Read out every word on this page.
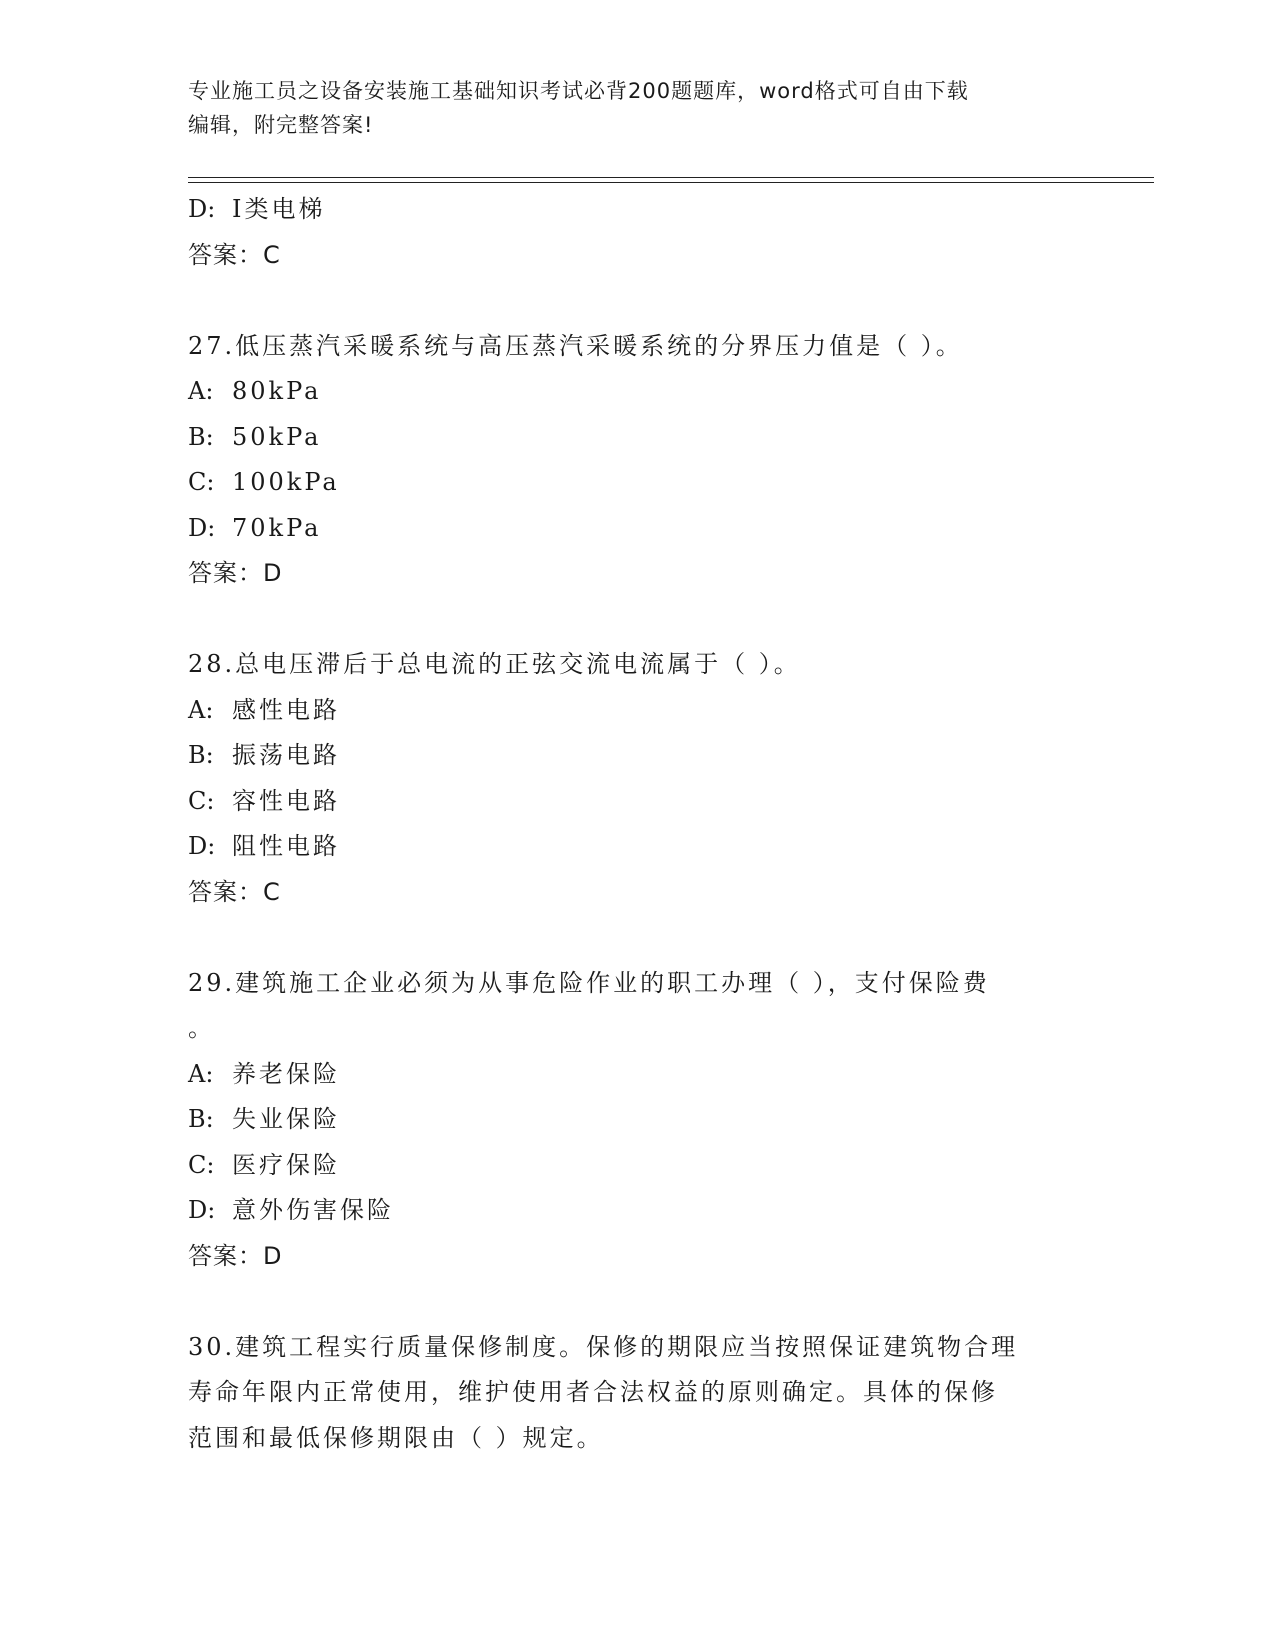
专业施工员之设备安装施工基础知识考试必背200题题库，word格式可自由下载
编辑，附完整答案!
D: I类电梯
答案：C
27.低压蒸汽采暖系统与高压蒸汽采暖系统的分界压力值是（ ）。
A: 80kPa
B: 50kPa
C: 100kPa
D: 70kPa
答案：D
28.总电压滞后于总电流的正弦交流电流属于（ ）。
A: 感性电路
B: 振荡电路
C: 容性电路
D: 阻性电路
答案：C
29.建筑施工企业必须为从事危险作业的职工办理（ ），支付保险费
。
A: 养老保险
B: 失业保险
C: 医疗保险
D: 意外伤害保险
答案：D
30.建筑工程实行质量保修制度。保修的期限应当按照保证建筑物合理
寿命年限内正常使用，维护使用者合法权益的原则确定。具体的保修
范围和最低保修期限由（ ）规定。
